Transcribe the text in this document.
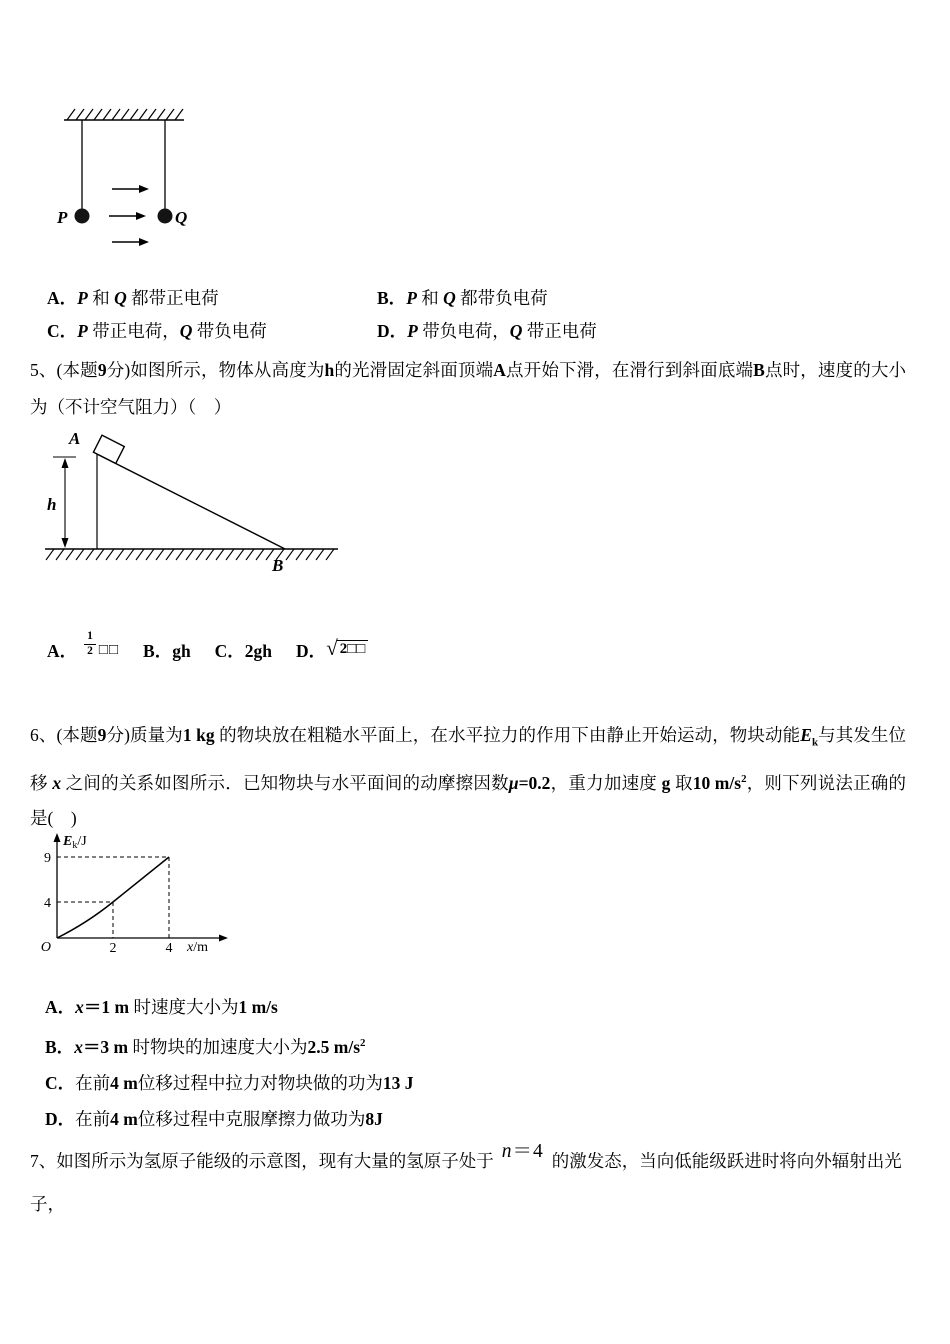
P	Q
A．P 和 Q 都带正电荷	B．P 和 Q 都带负电荷
C．P 带正电荷，Q 带负电荷	D．P 带负电荷，Q 带正电荷
5、(本题9分)如图所示，物体从高度为h的光滑固定斜面顶端A点开始下滑，在滑行到斜面底端B点时，速度的大小为（不计空气阻力）（　）
A
h
B
A． $\frac{1}{2}$ □□ B．gh C．2gh D． √ 2□□
6、(本题9分)质量为1 kg 的物块放在粗糙水平面上，在水平拉力的作用下由静止开始运动，物块动能$E_k$与其发生位移 x 之间的关系如图所示．已知物块与水平面间的动摩擦因数μ=0.2，重力加速度 g 取10 $m/s^2$，则下列说法正确的是(　)
$E_k/J$
9
4
O	2	4 x/m
A．x＝1 m 时速度大小为1 m/s
B．x＝3 m 时物块的加速度大小为2.5 $m/s^2$
C．在前4 m位移过程中拉力对物块做的功为13 J
D．在前4 m位移过程中克服摩擦力做功为8J
7、如图所示为氢原子能级的示意图，现有大量的氢原子处于 n＝4 的激发态，当向低能级跃进时将向外辐射出光子，
